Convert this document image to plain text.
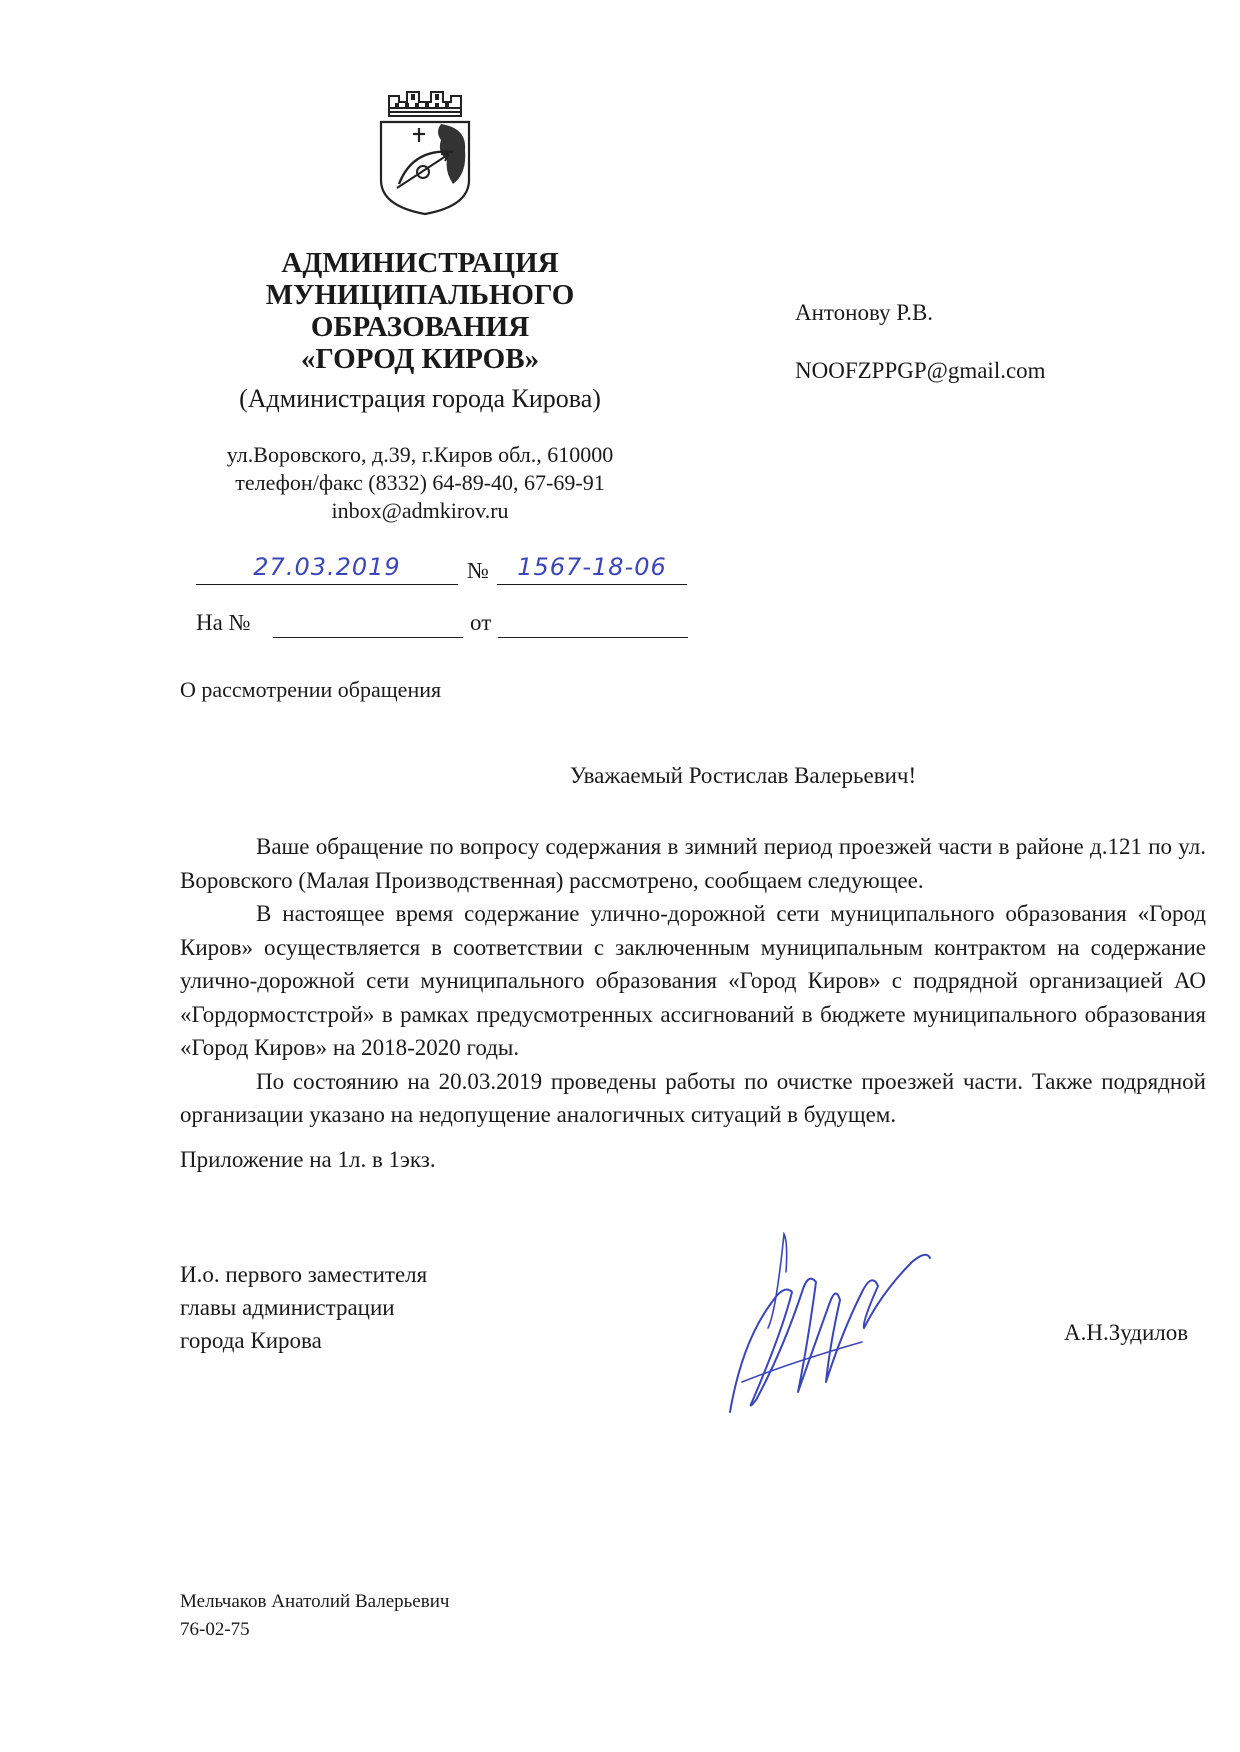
АДМИНИСТРАЦИЯ
МУНИЦИПАЛЬНОГО
ОБРАЗОВАНИЯ
«ГОРОД КИРОВ»
(Администрация города Кирова)
ул.Воровского, д.39, г.Киров обл., 610000
телефон/факс (8332) 64-89-40, 67-69-91
inbox@admkirov.ru
Антонову Р.В.
NOOFZPPGP@gmail.com
27.03.2019	№	1567-18-06
На №	от
О рассмотрении обращения
Уважаемый Ростислав Валерьевич!

Ваше обращение по вопросу содержания в зимний период проезжей части в районе д.121 по ул. Воровского (Малая Производственная) рассмотрено, сообщаем следующее.

В настоящее время содержание улично-дорожной сети муниципального образования «Город Киров» осуществляется в соответствии с заключенным муниципальным контрактом на содержание улично-дорожной сети муниципального образования «Город Киров» с подрядной организацией АО «Гордормостстрой» в рамках предусмотренных ассигнований в бюджете муниципального образования «Город Киров» на 2018-2020 годы.

По состоянию на 20.03.2019 проведены работы по очистке проезжей части. Также подрядной организации указано на недопущение аналогичных ситуаций в будущем.

Приложение на 1л. в 1экз.
И.о. первого заместителя
главы администрации
города Кирова	А.Н.Зудилов
Мельчаков Анатолий Валерьевич
76-02-75
